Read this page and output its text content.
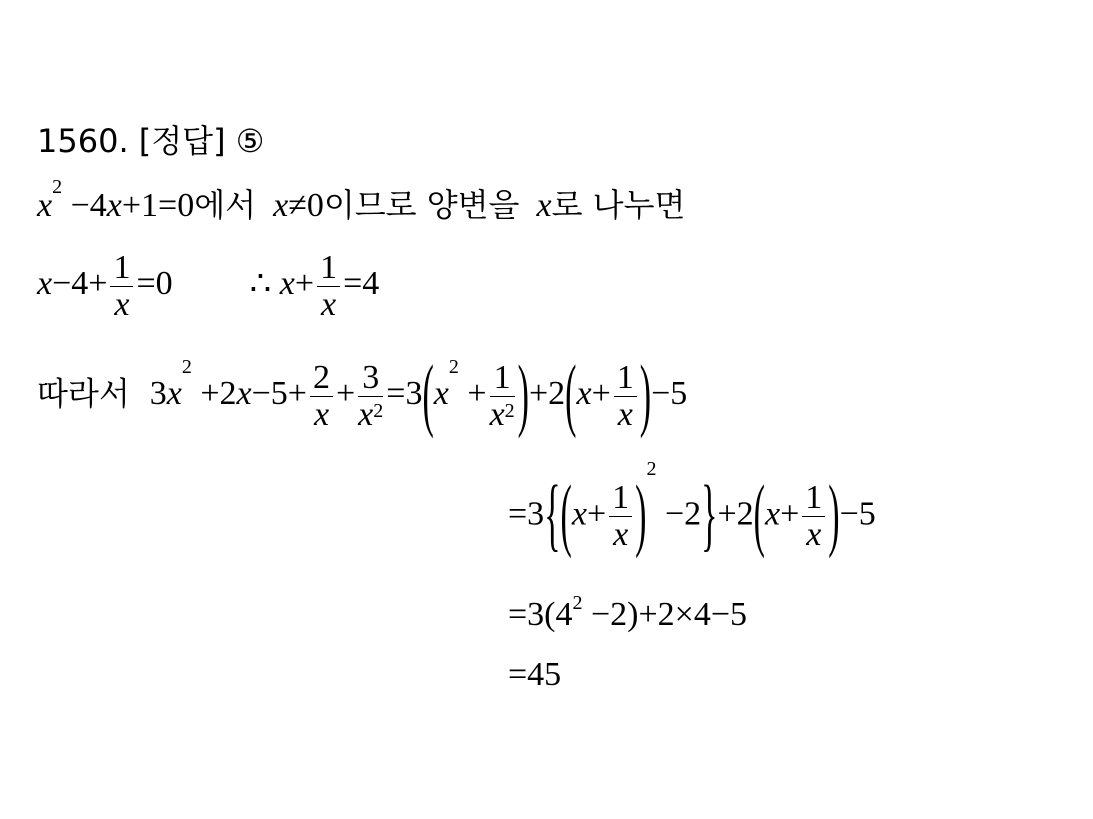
1560. [정답] ⑤
$x^2 -4x+1=0$에서 x≠0이므로 양변을 x로 나누면
$x-4+ \frac{1}{x} =0$ ∴ $x+ \frac{1}{x} =4$
따라서 $3x^2 +2x-5+ \frac{2}{x} + \frac{3}{x^2} =3(x^2 + \frac{1}{x^2} )+2(x+ \frac{1}{x} )-5$
$=3\{(x+ \frac{1}{x} )^2 -2\}+2(x+ \frac{1}{x} )-5$
$=3(4^2 -2)+2\times 4-5$
=45
